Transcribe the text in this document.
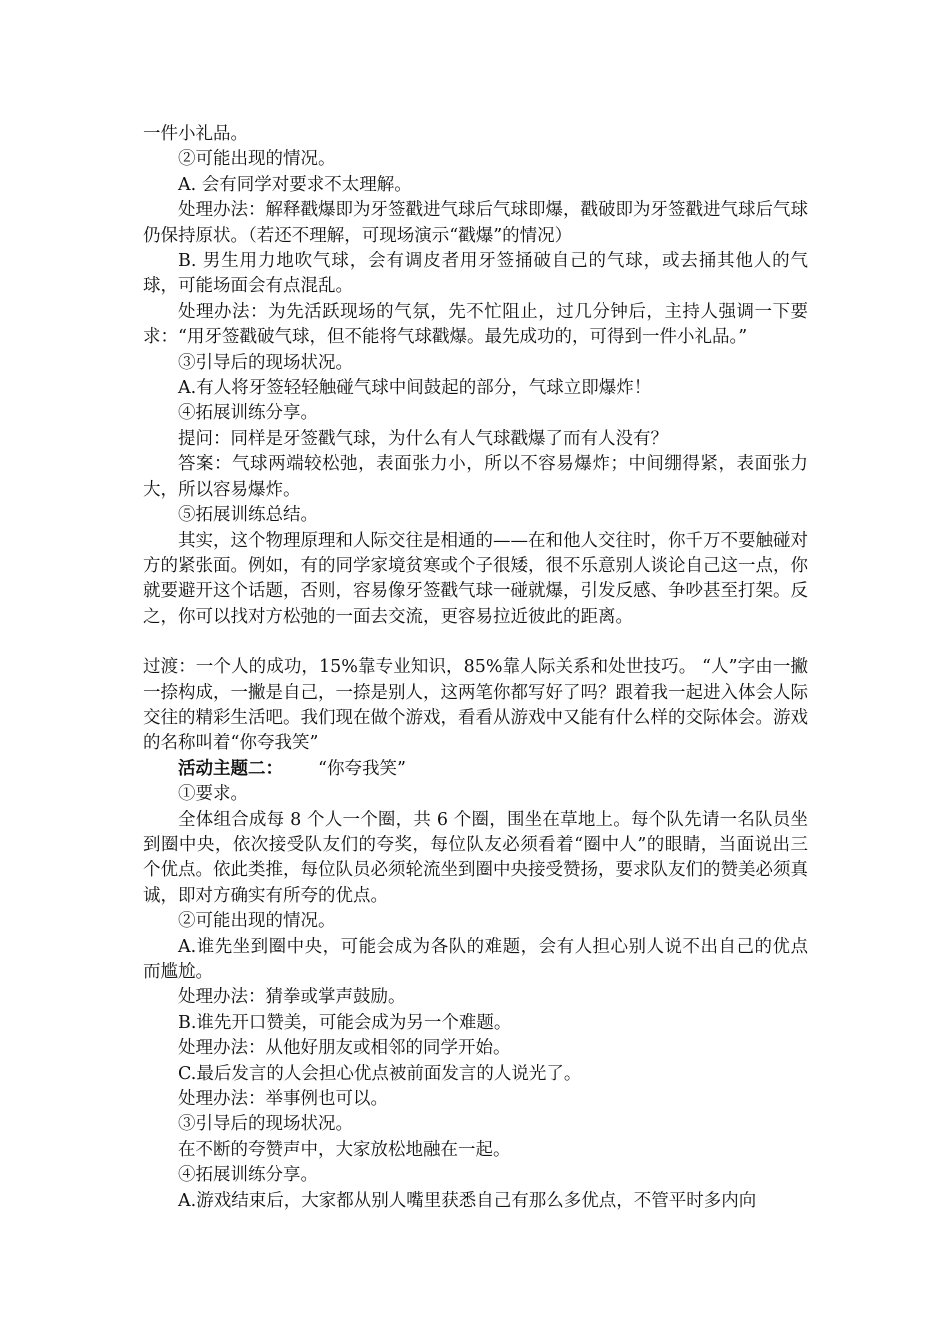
一件小礼品。

②可能出现的情况。

A. 会有同学对要求不太理解。

处理办法：解释戳爆即为牙签戳进气球后气球即爆，戳破即为牙签戳进气球后气球仍保持原状。（若还不理解，可现场演示“戳爆”的情况）

B. 男生用力地吹气球，会有调皮者用牙签捅破自己的气球，或去捅其他人的气球，可能场面会有点混乱。

处理办法：为先活跃现场的气氛，先不忙阻止，过几分钟后，主持人强调一下要求：“用牙签戳破气球，但不能将气球戳爆。最先成功的，可得到一件小礼品。”

③引导后的现场状况。

A.有人将牙签轻轻触碰气球中间鼓起的部分，气球立即爆炸！

④拓展训练分享。

提问：同样是牙签戳气球，为什么有人气球戳爆了而有人没有？

答案：气球两端较松弛，表面张力小，所以不容易爆炸；中间绷得紧，表面张力大，所以容易爆炸。

⑤拓展训练总结。

其实，这个物理原理和人际交往是相通的——在和他人交往时，你千万不要触碰对方的紧张面。例如，有的同学家境贫寒或个子很矮，很不乐意别人谈论自己这一点，你就要避开这个话题，否则，容易像牙签戳气球一碰就爆，引发反感、争吵甚至打架。反之，你可以找对方松弛的一面去交流，更容易拉近彼此的距离。

过渡：一个人的成功，15%靠专业知识，85%靠人际关系和处世技巧。 “人”字由一撇一捺构成，一撇是自己，一捺是别人，这两笔你都写好了吗？跟着我一起进入体会人际交往的精彩生活吧。我们现在做个游戏，看看从游戏中又能有什么样的交际体会。游戏的名称叫着“你夸我笑”

活动主题二：   “你夸我笑”

①要求。

全体组合成每 8 个人一个圈，共 6 个圈，围坐在草地上。每个队先请一名队员坐到圈中央，依次接受队友们的夸奖，每位队友必须看着“圈中人”的眼睛，当面说出三个优点。依此类推，每位队员必须轮流坐到圈中央接受赞扬，要求队友们的赞美必须真诚，即对方确实有所夸的优点。

②可能出现的情况。

A.谁先坐到圈中央，可能会成为各队的难题，会有人担心别人说不出自己的优点而尴尬。

处理办法：猜拳或掌声鼓励。

B.谁先开口赞美，可能会成为另一个难题。

处理办法：从他好朋友或相邻的同学开始。

C.最后发言的人会担心优点被前面发言的人说光了。

处理办法：举事例也可以。

③引导后的现场状况。

在不断的夸赞声中，大家放松地融在一起。

④拓展训练分享。

A.游戏结束后，大家都从别人嘴里获悉自己有那么多优点，不管平时多内向
